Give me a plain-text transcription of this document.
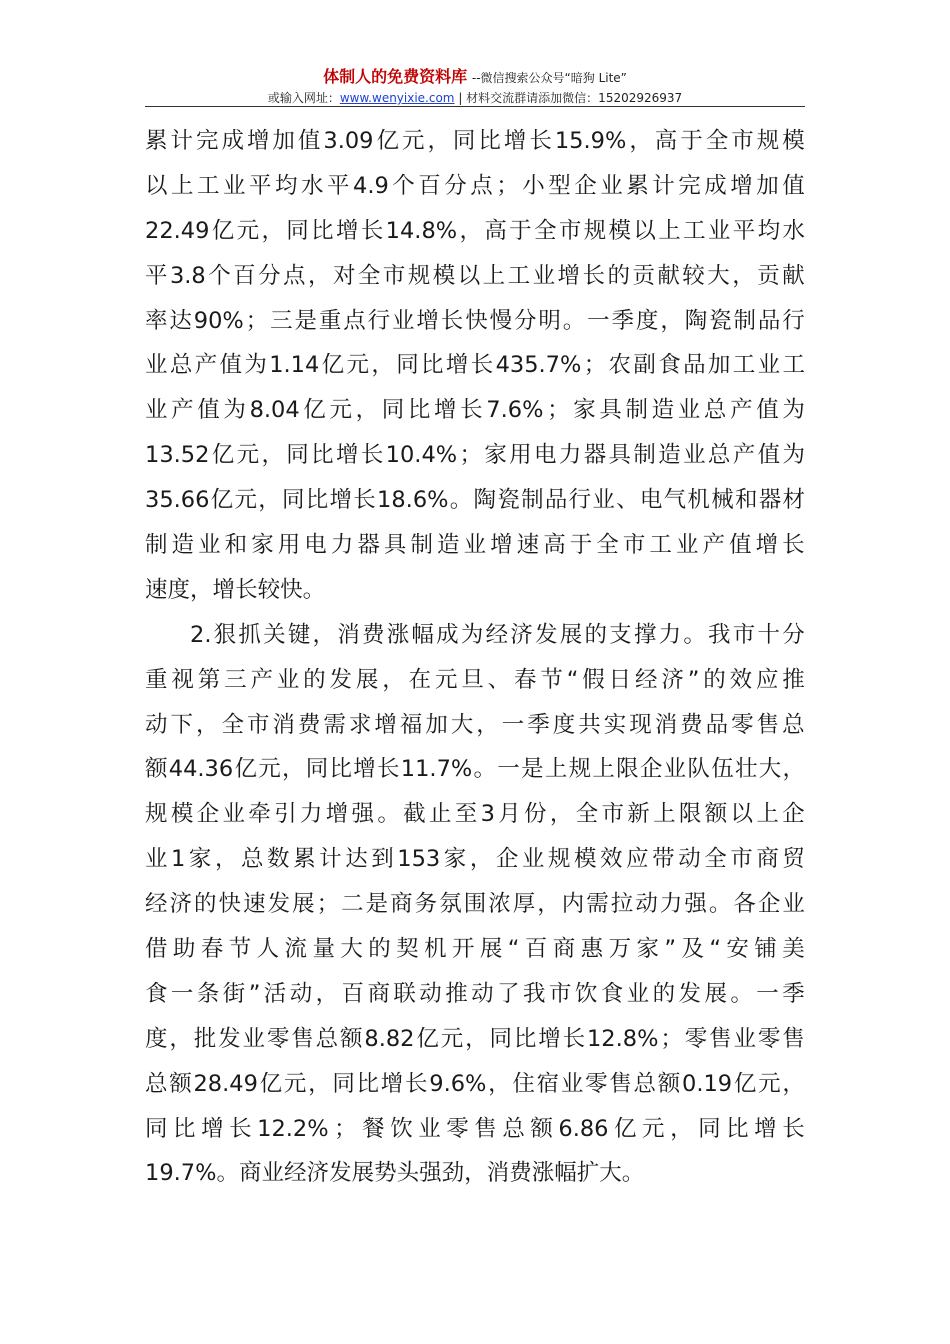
体制人的免费资料库 --微信搜索公众号“暗狗 Lite”
或输入网址：www.wenyixie.com | 材料交流群请添加微信：15202926937
累 计 完 成 增 加 值 3.09 亿 元 ， 同 比 增 长 15.9% ， 高 于 全 市 规 模
以 上 工 业 平 均 水 平 4.9 个 百 分 点 ； 小 型 企 业 累 计 完 成 增 加 值
22.49 亿 元 ， 同 比 增 长 14.8% ， 高 于 全 市 规 模 以 上 工 业 平 均 水
平 3.8 个 百 分 点 ， 对 全 市 规 模 以 上 工 业 增 长 的 贡 献 较 大 ， 贡 献
率 达 90% ； 三 是 重 点 行 业 增 长 快 慢 分 明 。 一 季 度 ， 陶 瓷 制 品 行
业 总 产 值 为 1.14 亿 元 ， 同 比 增 长 435.7% ； 农 副 食 品 加 工 业 工
业 产 值 为 8.04 亿 元 ， 同 比 增 长 7.6% ； 家 具 制 造 业 总 产 值 为
13.52 亿 元 ， 同 比 增 长 10.4% ； 家 用 电 力 器 具 制 造 业 总 产 值 为
35.66 亿 元 ， 同 比 增 长 18.6% 。 陶 瓷 制 品 行 业 、 电 气 机 械 和 器 材
制 造 业 和 家 用 电 力 器 具 制 造 业 增 速 高 于 全 市 工 业 产 值 增 长
速 度 ， 增 长 较 快 。
2. 狠 抓 关 键 ， 消 费 涨 幅 成 为 经 济 发 展 的 支 撑 力 。 我 市 十 分
重 视 第 三 产 业 的 发 展 ， 在 元 旦 、 春 节 “ 假 日 经 济 ” 的 效 应 推
动 下 ， 全 市 消 费 需 求 增 福 加 大 ， 一 季 度 共 实 现 消 费 品 零 售 总
额 44.36 亿 元 ， 同 比 增 长 11.7% 。 一 是 上 规 上 限 企 业 队 伍 壮 大 ，
规 模 企 业 牵 引 力 增 强 。 截 止 至 3 月 份 ， 全 市 新 上 限 额 以 上 企
业 1 家 ， 总 数 累 计 达 到 153 家 ， 企 业 规 模 效 应 带 动 全 市 商 贸
经 济 的 快 速 发 展 ； 二 是 商 务 氛 围 浓 厚 ， 内 需 拉 动 力 强 。 各 企 业
借 助 春 节 人 流 量 大 的 契 机 开 展 “ 百 商 惠 万 家 ” 及 “ 安 铺 美
食 一 条 街 ” 活 动 ， 百 商 联 动 推 动 了 我 市 饮 食 业 的 发 展 。 一 季
度 ， 批 发 业 零 售 总 额 8.82 亿 元 ， 同 比 增 长 12.8% ； 零 售 业 零 售
总 额 28.49 亿 元 ， 同 比 增 长 9.6% ， 住 宿 业 零 售 总 额 0.19 亿 元 ，
同 比 增 长 12.2% ； 餐 饮 业 零 售 总 额 6.86 亿 元 ， 同 比 增 长
19.7% 。 商 业 经 济 发 展 势 头 强 劲 ， 消 费 涨 幅 扩 大 。
